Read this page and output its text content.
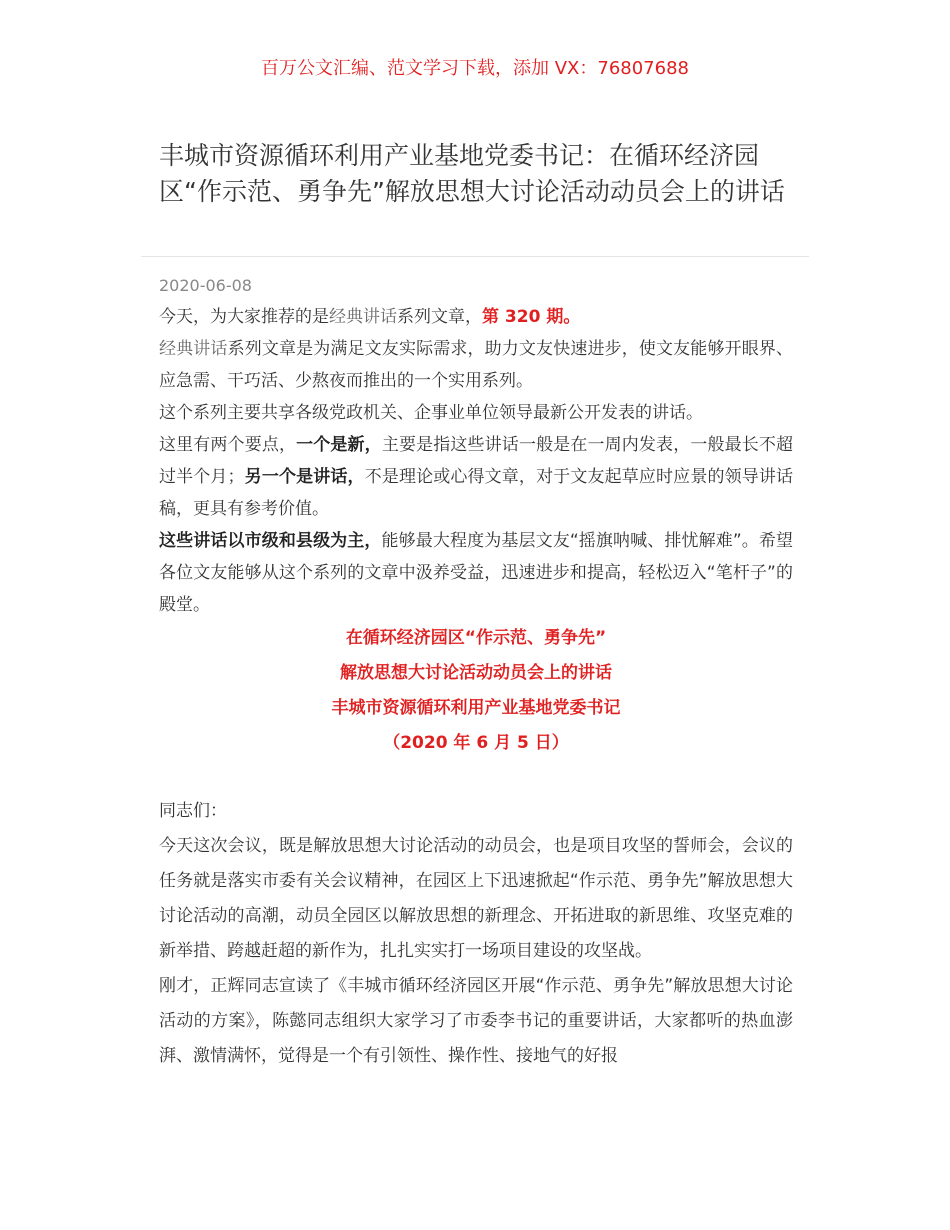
百万公文汇编、范文学习下载，添加 VX：76807688
丰城市资源循环利用产业基地党委书记：在循环经济园区“作示范、勇争先”解放思想大讨论活动动员会上的讲话
2020-06-08

今天，为大家推荐的是经典讲话系列文章，第 320 期。

经典讲话系列文章是为满足文友实际需求，助力文友快速进步，使文友能够开眼界、应急需、干巧活、少熬夜而推出的一个实用系列。

这个系列主要共享各级党政机关、企事业单位领导最新公开发表的讲话。

这里有两个要点，一个是新，主要是指这些讲话一般是在一周内发表，一般最长不超过半个月；另一个是讲话，不是理论或心得文章，对于文友起草应时应景的领导讲话稿，更具有参考价值。

这些讲话以市级和县级为主，能够最大程度为基层文友“摇旗呐喊、排忧解难”。希望各位文友能够从这个系列的文章中汲养受益，迅速进步和提高，轻松迈入“笔杆子”的殿堂。

在循环经济园区“作示范、勇争先”
解放思想大讨论活动动员会上的讲话
丰城市资源循环利用产业基地党委书记
（2020 年 6 月 5 日）

同志们：

今天这次会议，既是解放思想大讨论活动的动员会，也是项目攻坚的誓师会，会议的任务就是落实市委有关会议精神，在园区上下迅速掀起“作示范、勇争先”解放思想大讨论活动的高潮，动员全园区以解放思想的新理念、开拓进取的新思维、攻坚克难的新举措、跨越赶超的新作为，扎扎实实打一场项目建设的攻坚战。

刚才，正辉同志宣读了《丰城市循环经济园区开展“作示范、勇争先”解放思想大讨论活动的方案》，陈懿同志组织大家学习了市委李书记的重要讲话，大家都听的热血澎湃、激情满怀，觉得是一个有引领性、操作性、接地气的好报
